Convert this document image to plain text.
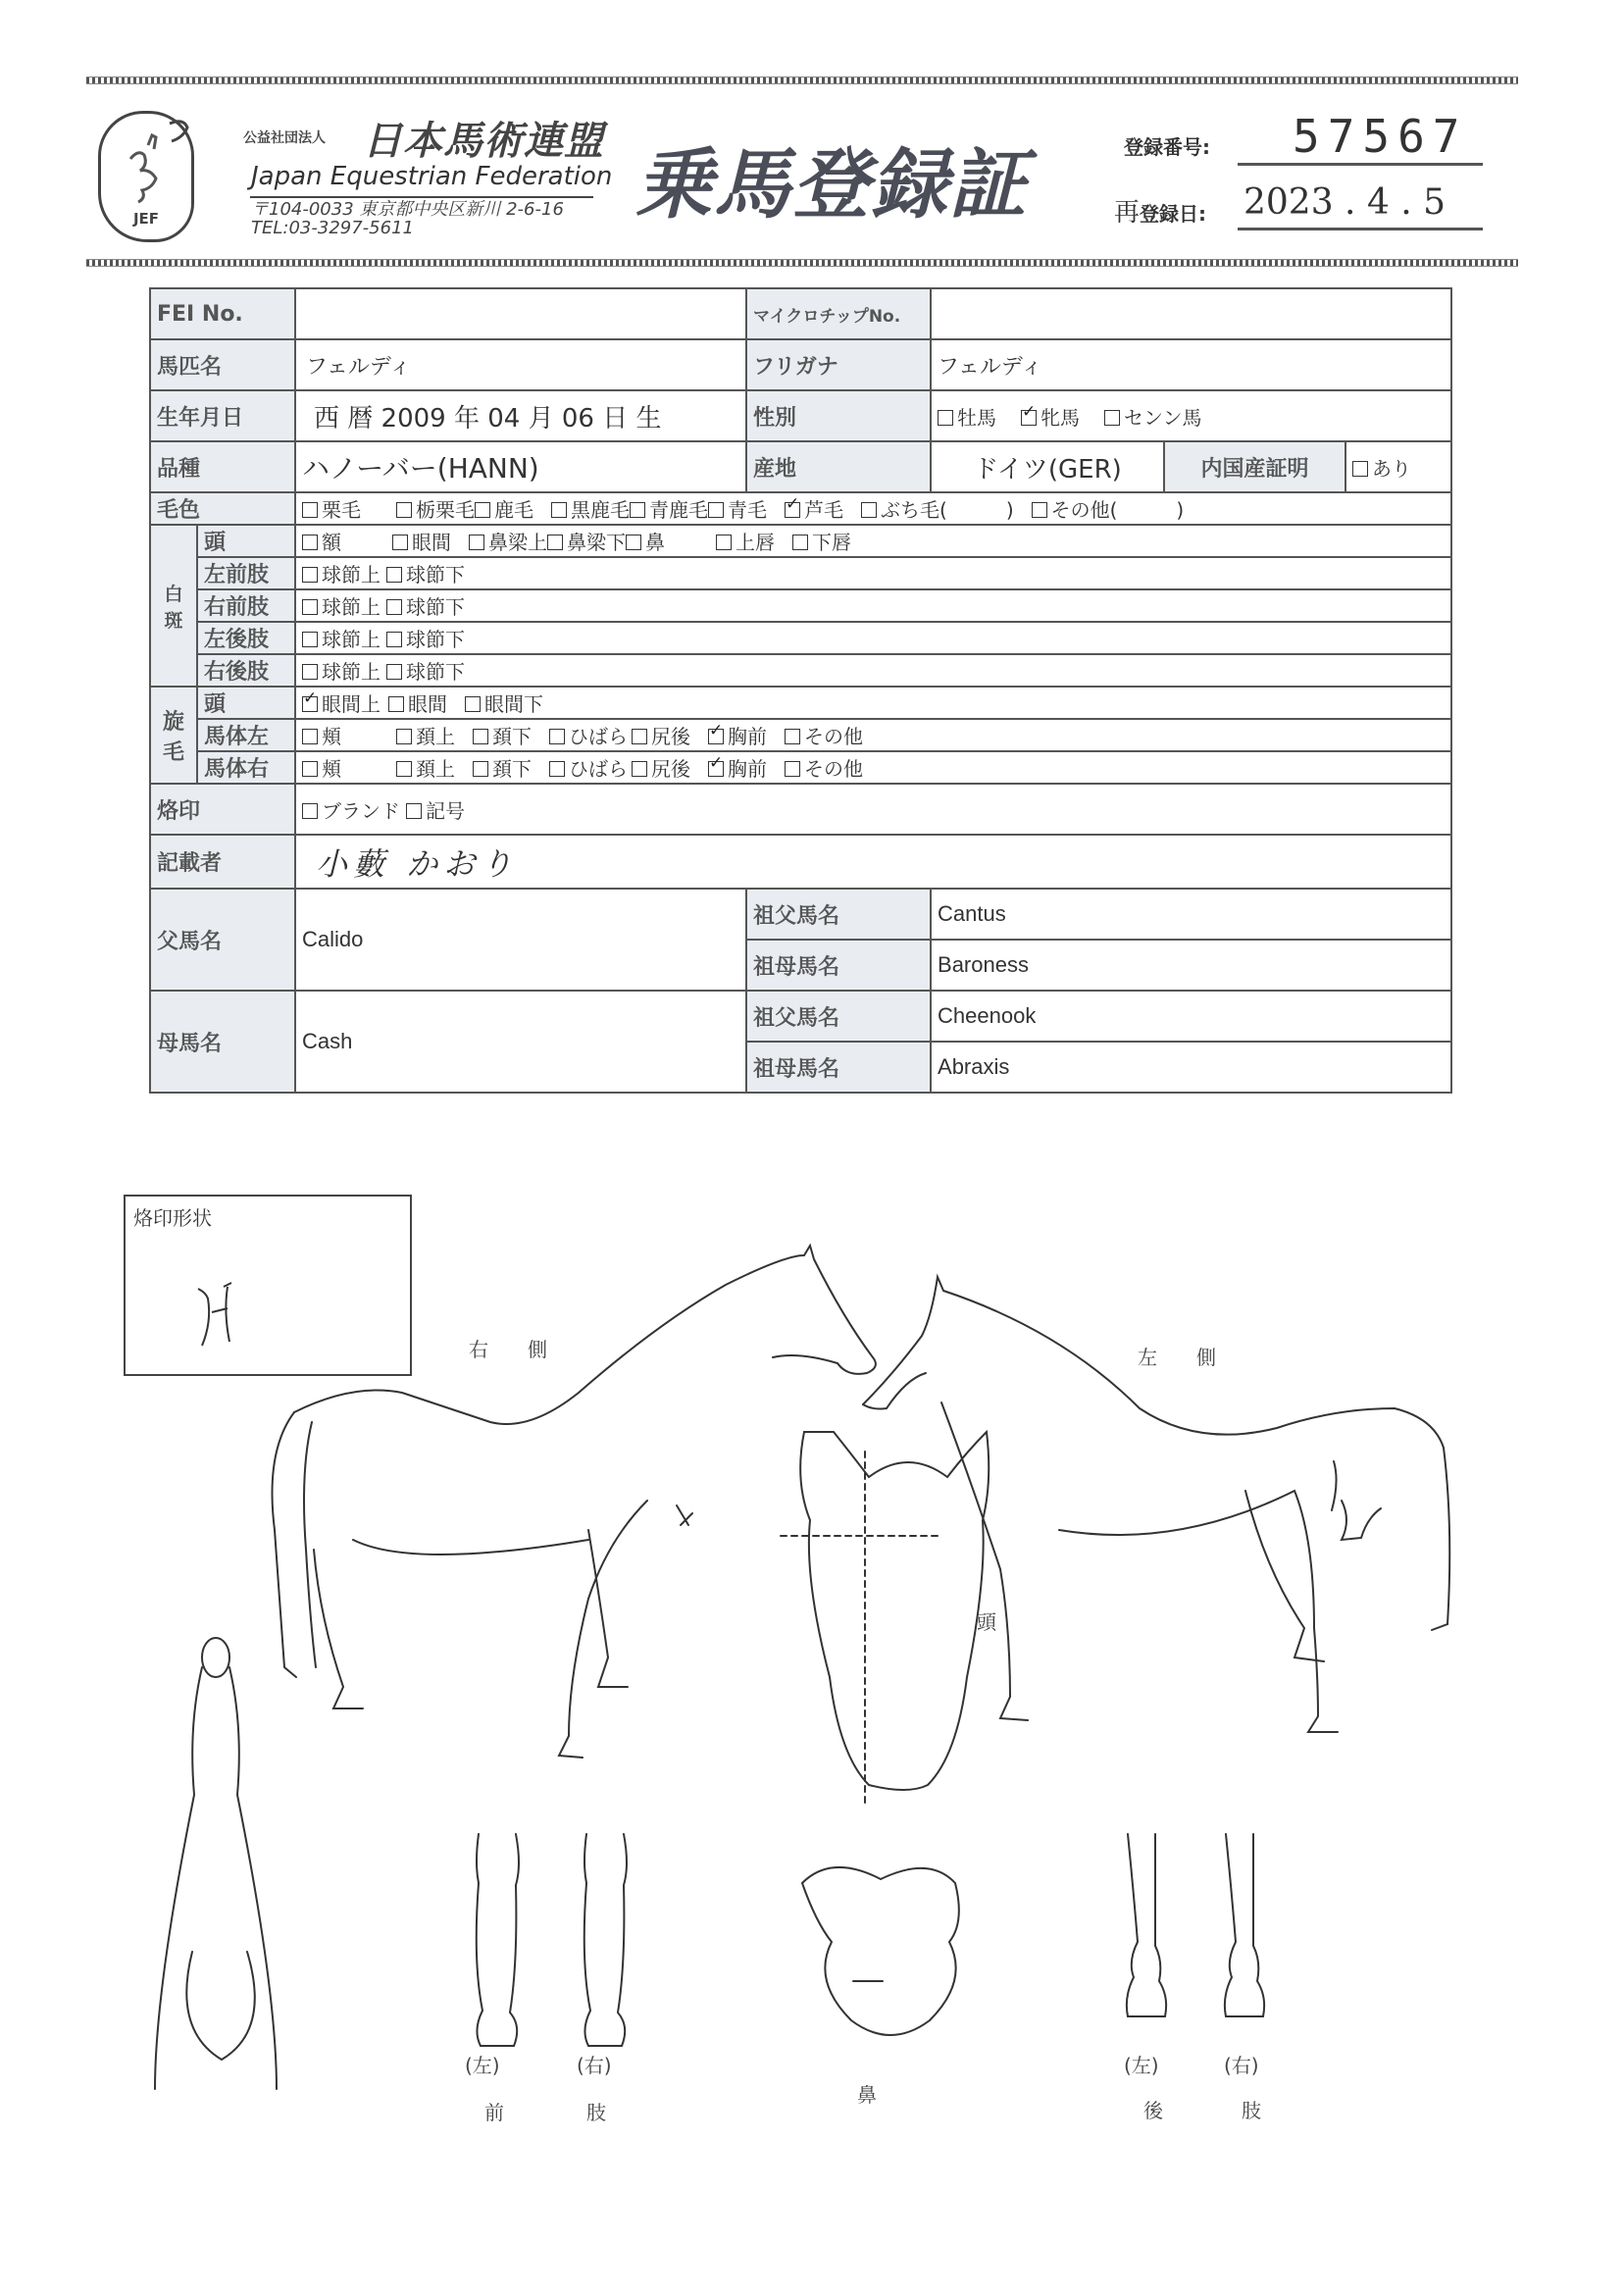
JEF
公益社団法人 日本馬術連盟
Japan Equestrian Federation
〒104-0033 東京都中央区新川 2-6-16
TEL:03-3297-5611	乗馬登録証	登録番号: 57567
再登録日: 2023 . 4 . 5
FEI No.			マイクロチップNo.			
馬匹名		フェルディ	フリガナ	フェルディ		
生年月日		西 暦 2009 年 04 月 06 日 生	性別	牡馬 ✓ 牝馬 センン馬
品種		ハノーバー(HANN)	産地	ドイツ(GER)	内国産証明	あり
毛色		栗毛 栃栗毛 鹿毛 黒鹿毛 青鹿毛 青毛 ✓ 芦毛 ぶち毛(　　　) その他(　　　)
白斑	頭	額 眼間 鼻梁上 鼻梁下 鼻 上唇 下唇				
	左前肢	球節上 球節下				
	右前肢	球節上 球節下				
	左後肢	球節上 球節下				
	右後肢	球節上 球節下				
旋毛	頭	✓眼間上 眼間 眼間下
	馬体左	頬 頚上 頚下 ひばら 尻後 ✓ 胸前 その他
	馬体右	頬 頚上 頚下 ひばら 尻後 ✓ 胸前 その他
烙印		ブランド 記号				
記載者		小藪 かおり				
父馬名		Calido	祖父馬名	Cantus		
			祖母馬名	Baroness		
母馬名		Cash	祖父馬名	Cheenook		
			祖母馬名	Abraxis		
烙印形状
右　　側	左　　側
頭
鼻
(左)	(右)
前	肢
(左)	(右)
後	肢
